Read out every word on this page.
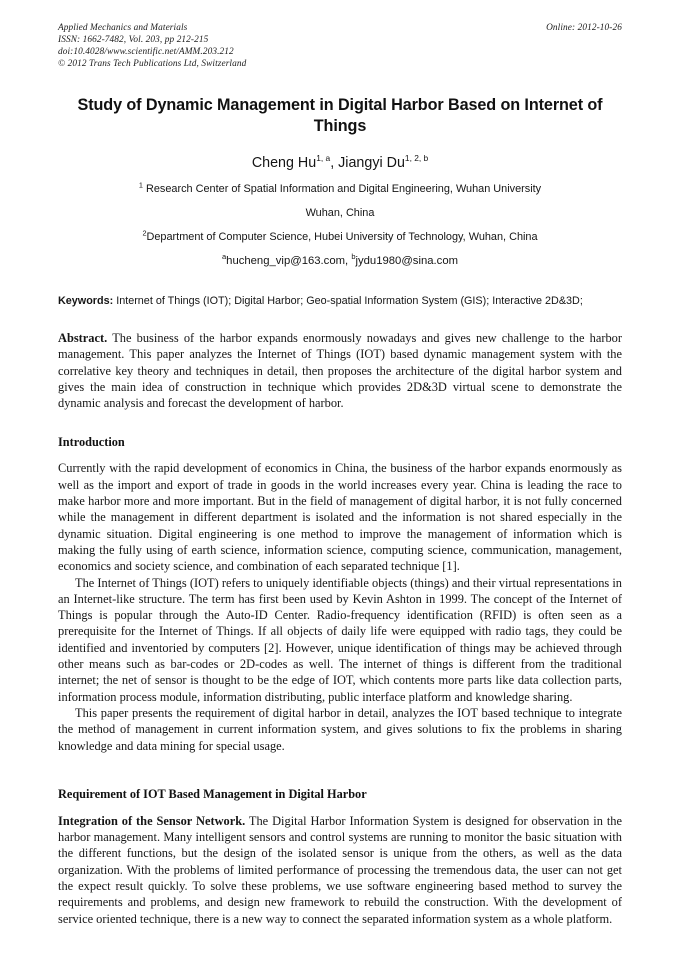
Online: 2012-10-26
Applied Mechanics and Materials
ISSN: 1662-7482, Vol. 203, pp 212-215
doi:10.4028/www.scientific.net/AMM.203.212
© 2012 Trans Tech Publications Ltd, Switzerland
Study of Dynamic Management in Digital Harbor Based on Internet of Things
Cheng Hu$^{1, a}$, Jiangyi Du$^{1, 2, b}$
$^1$ Research Center of Spatial Information and Digital Engineering, Wuhan University
Wuhan, China
$^2$Department of Computer Science, Hubei University of Technology, Wuhan, China
$^a$hucheng_vip@163.com, $^b$jydu1980@sina.com
Keywords: Internet of Things (IOT); Digital Harbor; Geo-spatial Information System (GIS); Interactive 2D&3D;
Abstract. The business of the harbor expands enormously nowadays and gives new challenge to the harbor management. This paper analyzes the Internet of Things (IOT) based dynamic management system with the correlative key theory and techniques in detail, then proposes the architecture of the digital harbor system and gives the main idea of construction in technique which provides 2D&3D virtual scene to demonstrate the dynamic analysis and forecast the development of harbor.
Introduction

Currently with the rapid development of economics in China, the business of the harbor expands enormously as well as the import and export of trade in goods in the world increases every year. China is leading the race to make harbor more and more important. But in the field of management of digital harbor, it is not fully concerned while the management in different department is isolated and the information is not shared especially in the dynamic situation. Digital engineering is one method to improve the management of information which is making the fully using of earth science, information science, computing science, communication, management, economics and society science, and combination of each separated technique [1].

The Internet of Things (IOT) refers to uniquely identifiable objects (things) and their virtual representations in an Internet-like structure. The term has first been used by Kevin Ashton in 1999. The concept of the Internet of Things is popular through the Auto-ID Center. Radio-frequency identification (RFID) is often seen as a prerequisite for the Internet of Things. If all objects of daily life were equipped with radio tags, they could be identified and inventoried by computers [2]. However, unique identification of things may be achieved through other means such as bar-codes or 2D-codes as well. The internet of things is different from the traditional internet; the net of sensor is thought to be the edge of IOT, which contents more parts like data collection parts, information process module, information distributing, public interface platform and knowledge sharing.

This paper presents the requirement of digital harbor in detail, analyzes the IOT based technique to integrate the method of management in current information system, and gives solutions to fix the problems in sharing knowledge and data mining for special usage.

Requirement of IOT Based Management in Digital Harbor

Integration of the Sensor Network. The Digital Harbor Information System is designed for observation in the harbor management. Many intelligent sensors and control systems are running to monitor the basic situation with the different functions, but the design of the isolated sensor is unique from the others, as well as the data organization. With the problems of limited performance of processing the tremendous data, the user can not get the expect result quickly. To solve these problems, we use software engineering based method to survey the requirements and problems, and design new framework to rebuild the construction. With the development of service oriented technique, there is a new way to connect the separated information system as a whole platform.
